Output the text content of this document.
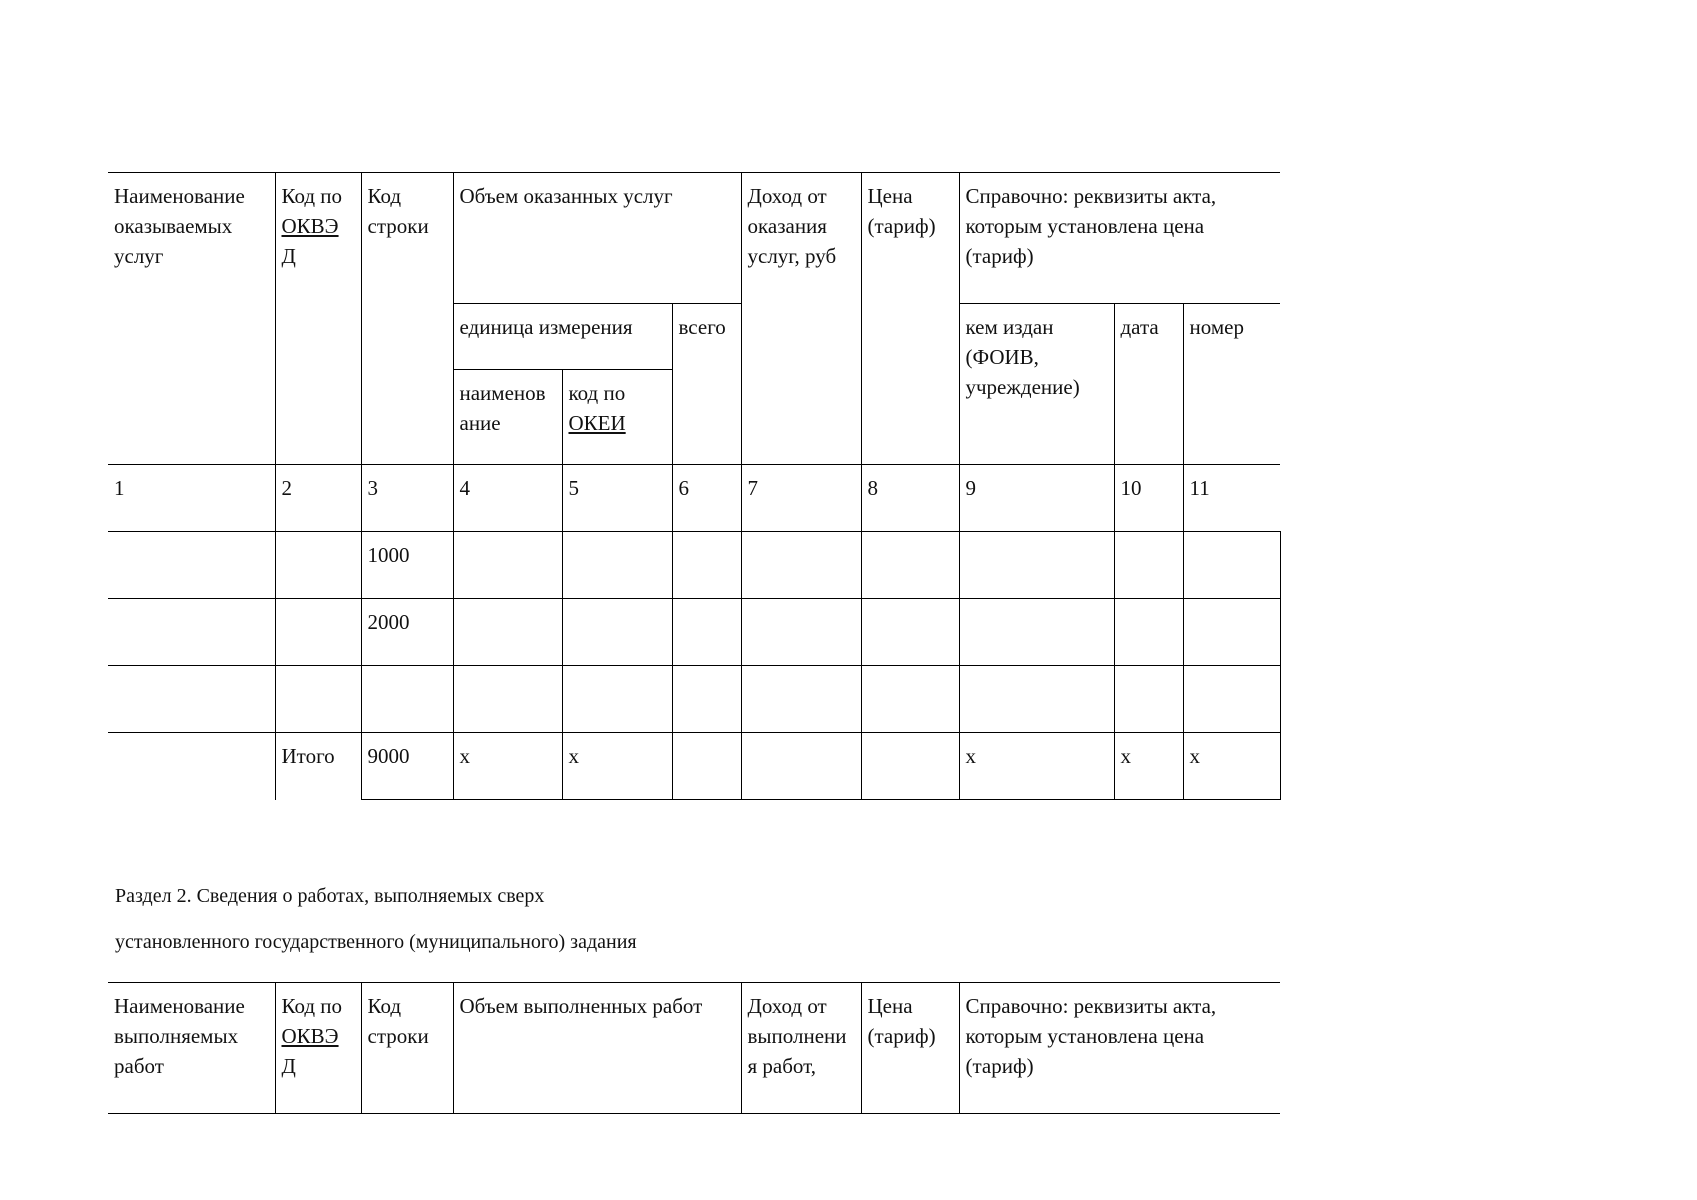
Наименование оказываемых услуг	Код по ОКВЭ Д	Код строки	Объем оказанных услуг			Доход от оказания услуг, руб	Цена (тариф)	Справочно: реквизиты акта, которым установлена цена (тариф)		
			единица измерения		всего			кем издан (ФОИВ, учреждение)	дата	номер
			наименов ание	код по ОКЕИ						
1	2	3	4	5	6	7	8	9	10	11
		1000								
		2000								

	Итого	9000	х	х				х	х	х

Раздел 2. Сведения о работах, выполняемых сверх

установленного государственного (муниципального) задания

Наименование выполняемых работ	Код по ОКВЭ Д	Код строки	Объем выполненных работ	Доход от выполнени я работ,	Цена (тариф)	Справочно: реквизиты акта, которым установлена цена (тариф)
